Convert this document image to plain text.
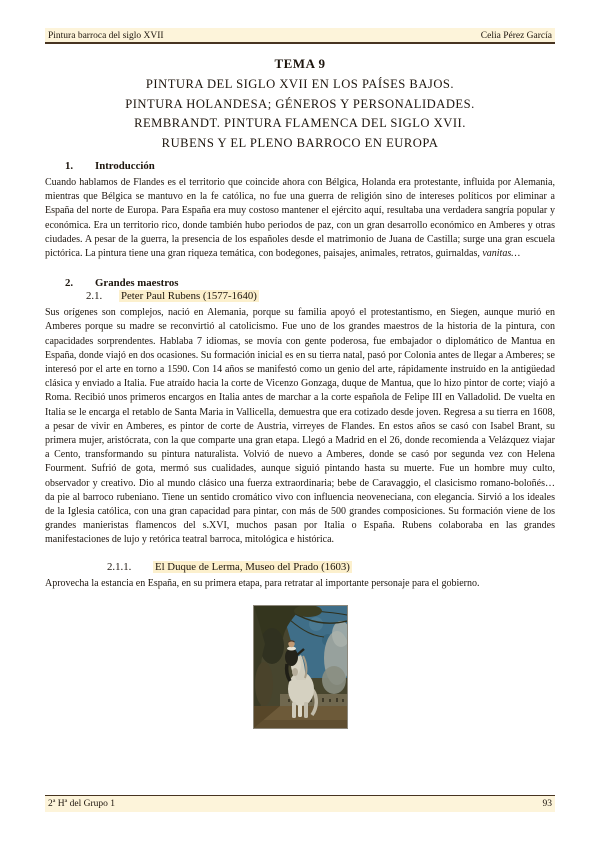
Pintura barroca del siglo XVII	Celia Pérez García
TEMA 9
PINTURA DEL SIGLO XVII EN LOS PAÍSES BAJOS.
PINTURA HOLANDESA; GÉNEROS Y PERSONALIDADES.
REMBRANDT. PINTURA FLAMENCA DEL SIGLO XVII.
RUBENS Y EL PLENO BARROCO EN EUROPA
1. Introducción

Cuando hablamos de Flandes es el territorio que coincide ahora con Bélgica, Holanda era protestante, influida por Alemania, mientras que Bélgica se mantuvo en la fe católica, no fue una guerra de religión sino de intereses políticos por eliminar a España del norte de Europa. Para España era muy costoso mantener el ejército aquí, resultaba una verdadera sangría popular y económica. Era un territorio rico, donde también hubo periodos de paz, con un gran desarrollo económico en Amberes y otras ciudades. A pesar de la guerra, la presencia de los españoles desde el matrimonio de Juana de Castilla; surge una gran escuela pictórica. La pintura tiene una gran riqueza temática, con bodegones, paisajes, animales, retratos, guirnaldas, vanitas…

2. Grandes maestros
2.1. Peter Paul Rubens (1577-1640)

Sus orígenes son complejos, nació en Alemania, porque su familia apoyó el protestantismo, en Siegen, aunque murió en Amberes porque su madre se reconvirtió al catolicismo. Fue uno de los grandes maestros de la historia de la pintura, con capacidades sorprendentes. Hablaba 7 idiomas, se movía con gente poderosa, fue embajador o diplomático de Mantua en España, donde viajó en dos ocasiones. Su formación inicial es en su tierra natal, pasó por Colonia antes de llegar a Amberes; se interesó por el arte en torno a 1590. Con 14 años se manifestó como un genio del arte, rápidamente instruido en la antigüedad clásica y enviado a Italia. Fue atraído hacia la corte de Vicenzo Gonzaga, duque de Mantua, que lo hizo pintor de corte; viajó a Roma. Recibió unos primeros encargos en Italia antes de marchar a la corte española de Felipe III en Valladolid. De vuelta en Italia se le encarga el retablo de Santa Maria in Vallicella, demuestra que era cotizado desde joven. Regresa a su tierra en 1608, a pesar de vivir en Amberes, es pintor de corte de Austria, virreyes de Flandes. En estos años se casó con Isabel Brant, su primera mujer, aristócrata, con la que comparte una gran etapa. Llegó a Madrid en el 26, donde recomienda a Velázquez viajar a Cento, transformando su pintura naturalista. Volvió de nuevo a Amberes, donde se casó por segunda vez con Helena Fourment. Sufrió de gota, mermó sus cualidades, aunque siguió pintando hasta su muerte. Fue un hombre muy culto, observador y creativo. Dio al mundo clásico una fuerza extraordinaria; bebe de Caravaggio, el clasicismo romano-boloñés… da pie al barroco rubeniano. Tiene un sentido cromático vivo con influencia neoveneciana, con elegancia. Sirvió a los ideales de la Iglesia católica, con una gran capacidad para pintar, con más de 500 grandes composiciones. Su formación viene de los grandes manieristas flamencos del s.XVI, muchos pasan por Italia o España. Rubens colaboraba en las grandes manifestaciones de lujo y retórica teatral barroca, mitológica e histórica.

2.1.1. El Duque de Lerma, Museo del Prado (1603)

Aprovecha la estancia en España, en su primera etapa, para retratar al importante personaje para el gobierno.

2ª Hª del Grupo 1	93
